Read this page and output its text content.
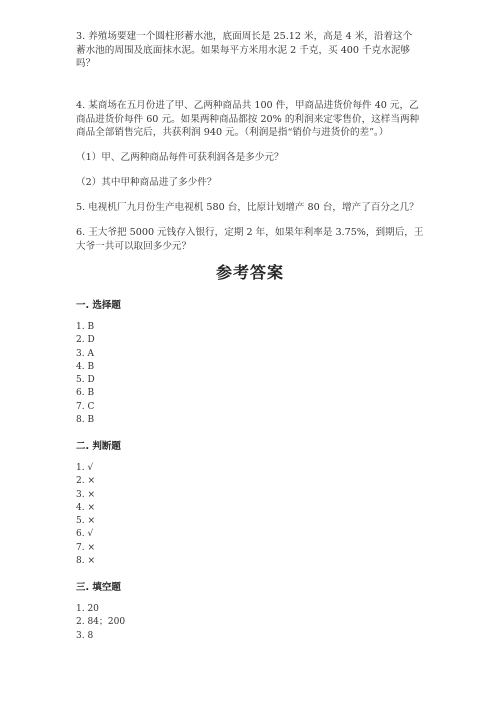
3. 养殖场要建一个圆柱形蓄水池，底面周长是 25.12 米，高是 4 米，沿着这个
蓄水池的周围及底面抹水泥。如果每平方米用水泥 2 千克，买 400 千克水泥够
吗？
4. 某商场在五月份进了甲、乙两种商品共 100 件，甲商品进货价每件 40 元，乙
商品进货价每件 60 元。如果两种商品都按 20% 的利润来定零售价，这样当两种
商品全部销售完后，共获利润 940 元。（利润是指“销价与进货价的差”。）
（1）甲、乙两种商品每件可获利润各是多少元？
（2）其中甲种商品进了多少件？
5. 电视机厂九月份生产电视机 580 台，比原计划增产 80 台，增产了百分之几？
6. 王大爷把 5000 元钱存入银行，定期 2 年，如果年利率是 3.75%，到期后，王
大爷一共可以取回多少元？
参考答案
一. 选择题
1. B
2. D
3. A
4. B
5. D
6. B
7. C
8. B
二. 判断题
1. √
2. ×
3. ×
4. ×
5. ×
6. √
7. ×
8. ×
三. 填空题
1. 20
2. 84；200
3. 8
